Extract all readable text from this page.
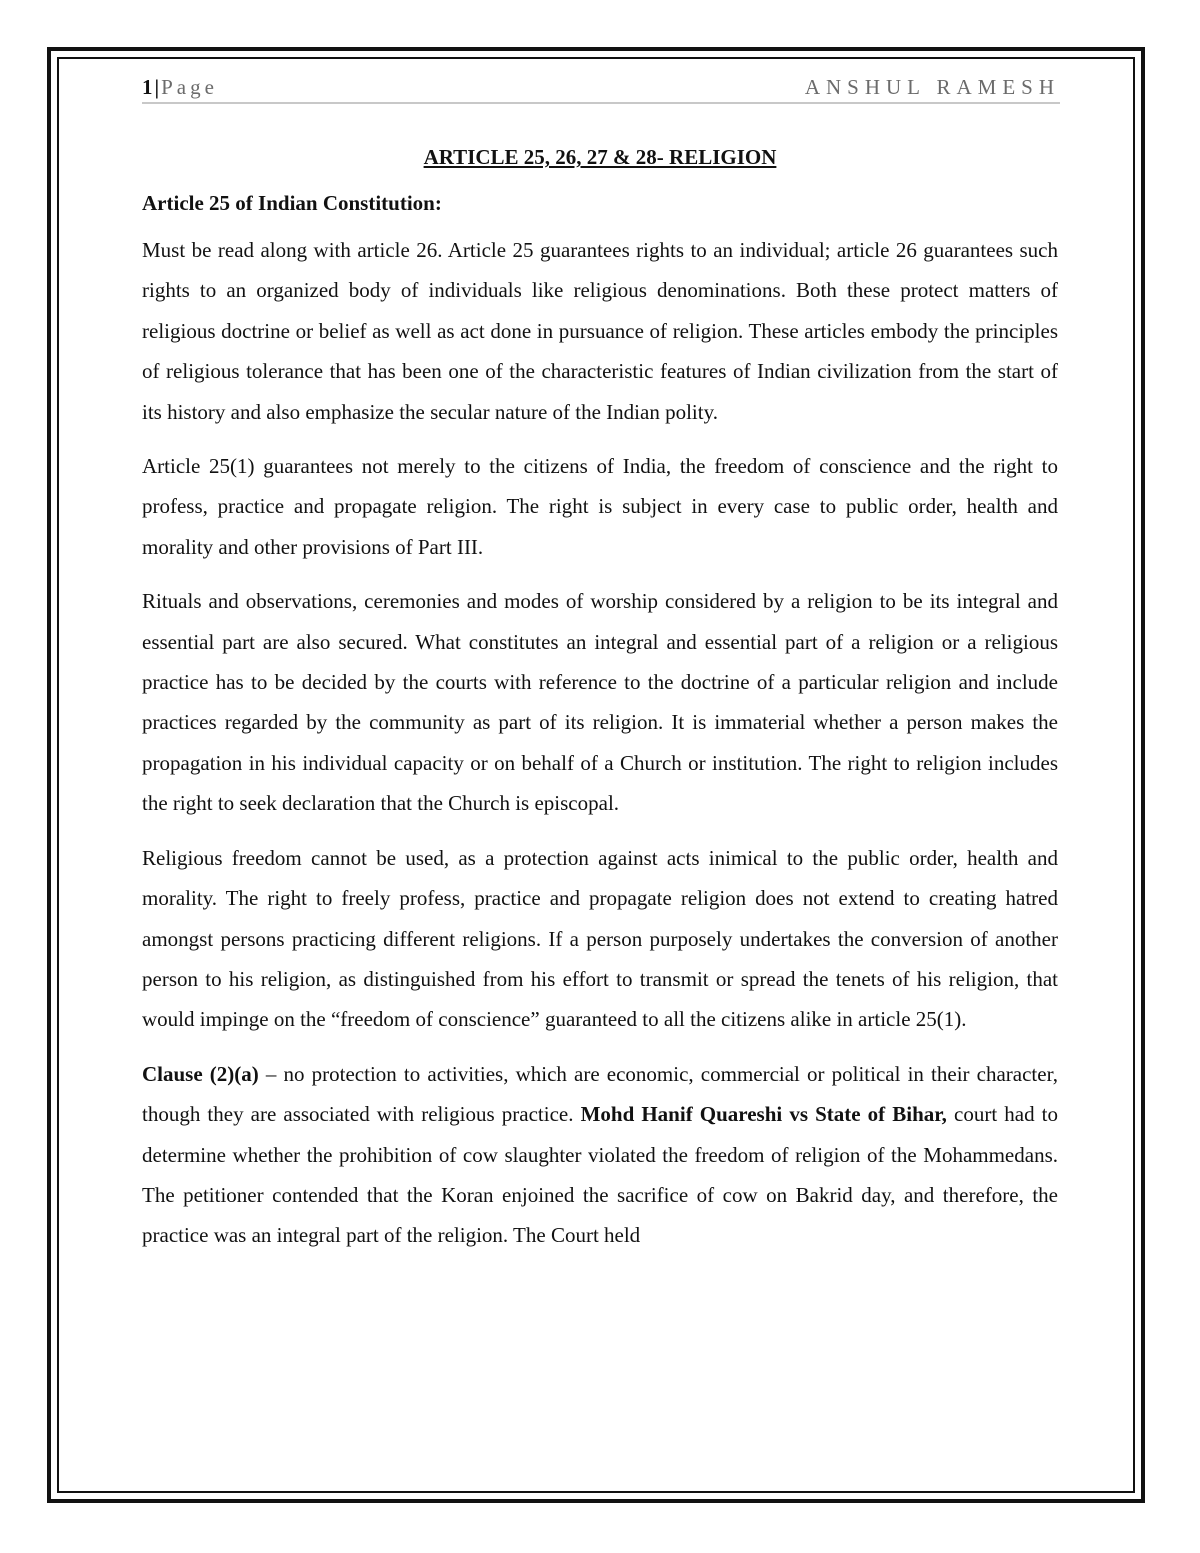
1|Page	ANSHUL RAMESH
ARTICLE 25, 26, 27 & 28- RELIGION
Article 25 of Indian Constitution:

Must be read along with article 26. Article 25 guarantees rights to an individual; article 26 guarantees such rights to an organized body of individuals like religious denominations. Both these protect matters of religious doctrine or belief as well as act done in pursuance of religion. These articles embody the principles of religious tolerance that has been one of the characteristic features of Indian civilization from the start of its history and also emphasize the secular nature of the Indian polity.

Article 25(1) guarantees not merely to the citizens of India, the freedom of conscience and the right to profess, practice and propagate religion. The right is subject in every case to public order, health and morality and other provisions of Part III.

Rituals and observations, ceremonies and modes of worship considered by a religion to be its integral and essential part are also secured. What constitutes an integral and essential part of a religion or a religious practice has to be decided by the courts with reference to the doctrine of a particular religion and include practices regarded by the community as part of its religion. It is immaterial whether a person makes the propagation in his individual capacity or on behalf of a Church or institution. The right to religion includes the right to seek declaration that the Church is episcopal.

Religious freedom cannot be used, as a protection against acts inimical to the public order, health and morality. The right to freely profess, practice and propagate religion does not extend to creating hatred amongst persons practicing different religions. If a person purposely undertakes the conversion of another person to his religion, as distinguished from his effort to transmit or spread the tenets of his religion, that would impinge on the “freedom of conscience” guaranteed to all the citizens alike in article 25(1).

Clause (2)(a) – no protection to activities, which are economic, commercial or political in their character, though they are associated with religious practice. Mohd Hanif Quareshi vs State of Bihar, court had to determine whether the prohibition of cow slaughter violated the freedom of religion of the Mohammedans. The petitioner contended that the Koran enjoined the sacrifice of cow on Bakrid day, and therefore, the practice was an integral part of the religion. The Court held
